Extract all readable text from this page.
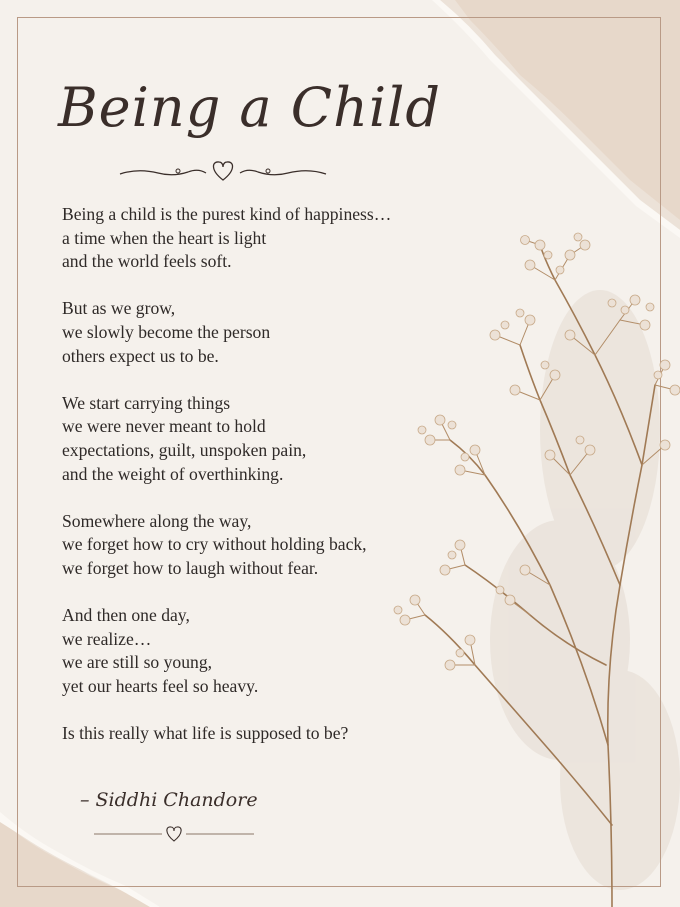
Being a Child
Being a child is the purest kind of happiness…
a time when the heart is light
and the world feels soft.
But as we grow,
we slowly become the person
others expect us to be.
We start carrying things
we were never meant to hold
expectations, guilt, unspoken pain,
and the weight of overthinking.
Somewhere along the way,
we forget how to cry without holding back,
we forget how to laugh without fear.
And then one day,
we realize…
we are still so young,
yet our hearts feel so heavy.
Is this really what life is supposed to be?
– Siddhi Chandore
